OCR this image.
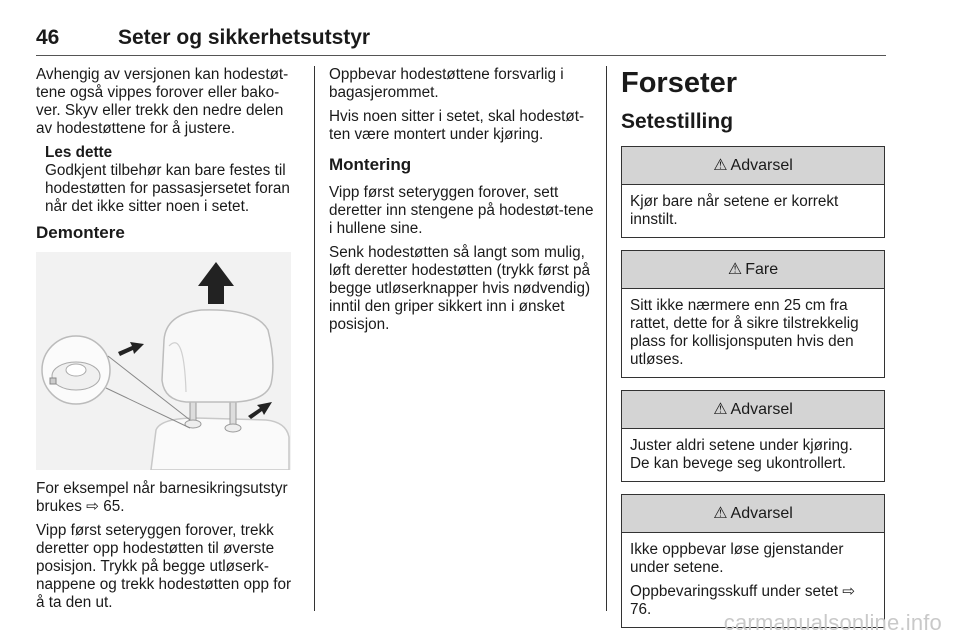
46	Seter og sikkerhetsutstyr

Avhengig av versjonen kan hodestøt-tene også vippes forover eller bako-ver. Skyv eller trekk den nedre delen av hodestøttene for å justere.

Les dette
Godkjent tilbehør kan bare festes til hodestøtten for passasjersetet foran når det ikke sitter noen i setet.
Demontere

For eksempel når barnesikringsutstyr brukes ⇨ 65.

Vipp først seteryggen forover, trekk deretter opp hodestøtten til øverste posisjon. Trykk på begge utløserk-nappene og trekk hodestøtten opp for å ta den ut.

Oppbevar hodestøttene forsvarlig i bagasjerommet.

Hvis noen sitter i setet, skal hodestøt-ten være montert under kjøring.

Montering

Vipp først seteryggen forover, sett deretter inn stengene på hodestøt-tene i hullene sine.

Senk hodestøtten så langt som mulig, løft deretter hodestøtten (trykk først på begge utløserknapper hvis nødvendig) inntil den griper sikkert inn i ønsket posisjon.

Forseter
Setestilling
⚠ Advarsel

Kjør bare når setene er korrekt innstilt.

⚠ Fare

Sitt ikke nærmere enn 25 cm fra rattet, dette for å sikre tilstrekkelig plass for kollisjonsputen hvis den utløses.

⚠ Advarsel

Juster aldri setene under kjøring. De kan bevege seg ukontrollert.

⚠ Advarsel

Ikke oppbevar løse gjenstander under setene.

Oppbevaringsskuff under setet ⇨ 76.

carmanualsonline.info
